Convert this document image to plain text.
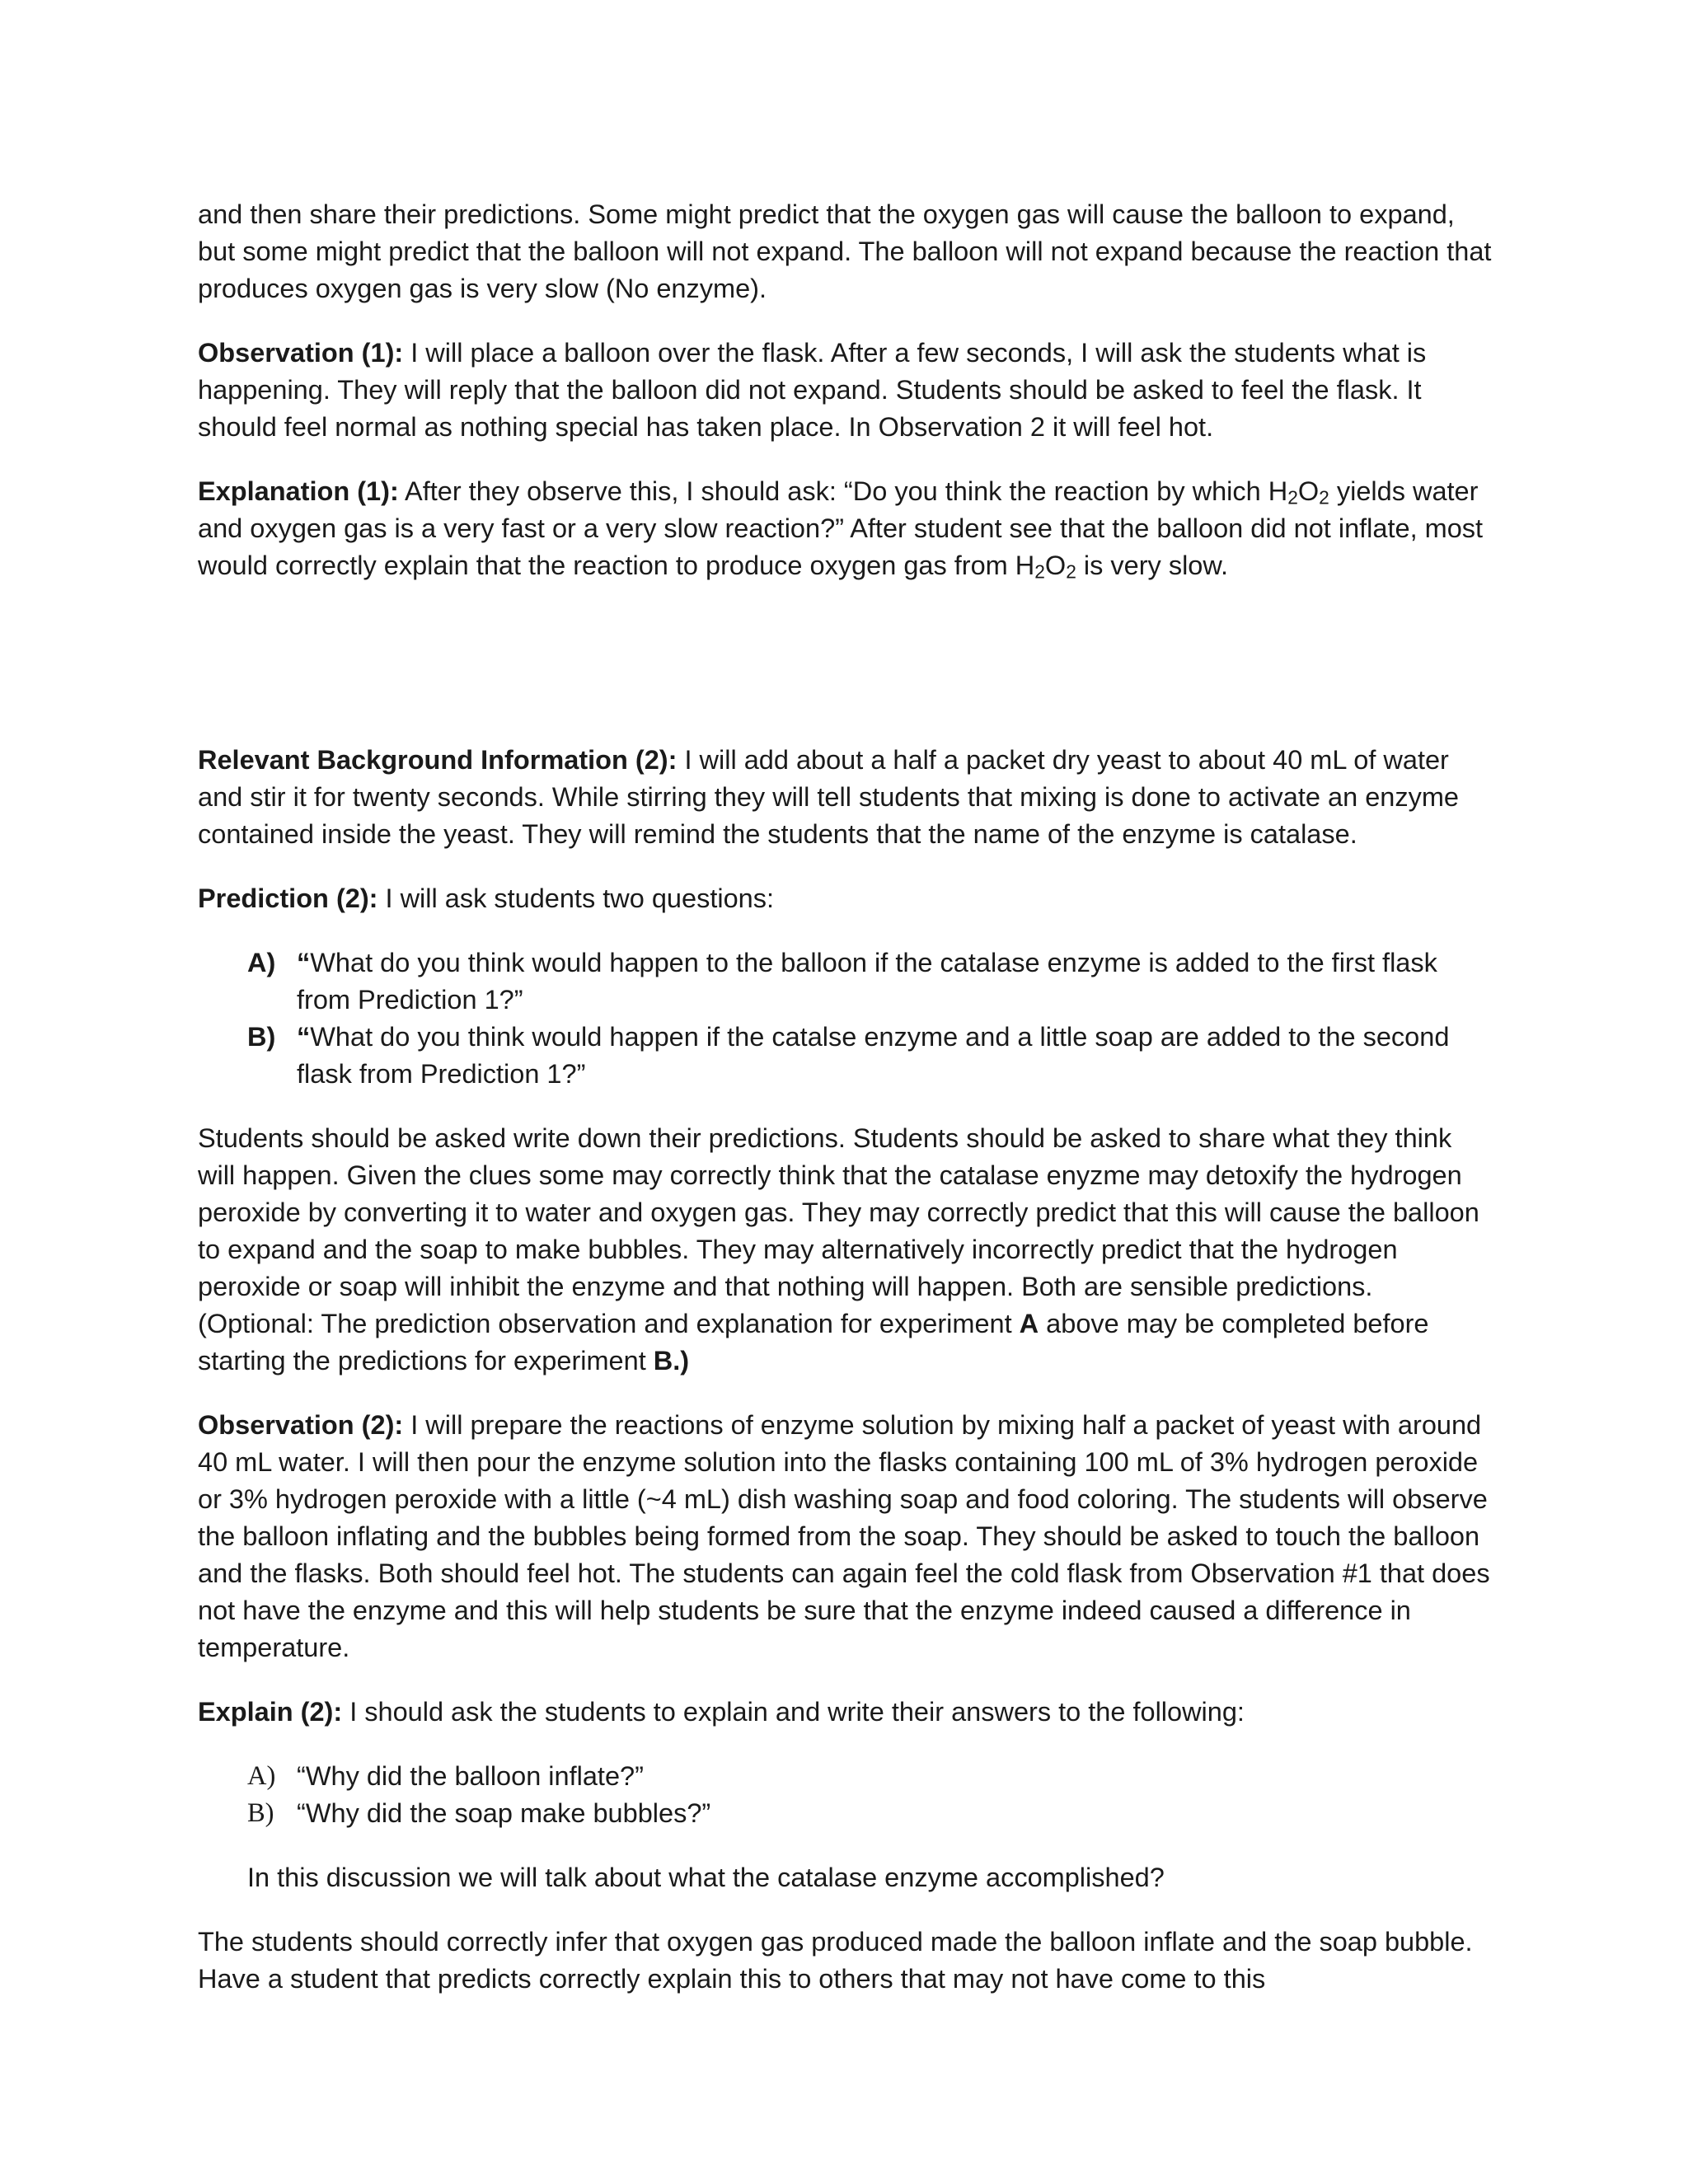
and then share their predictions. Some might predict that the oxygen gas will cause the balloon to expand, but some might predict that the balloon will not expand. The balloon will not expand because the reaction that produces oxygen gas is very slow (No enzyme).

Observation (1): I will place a balloon over the flask. After a few seconds, I will ask the students what is happening. They will reply that the balloon did not expand. Students should be asked to feel the flask. It should feel normal as nothing special has taken place. In Observation 2 it will feel hot.

Explanation (1): After they observe this, I should ask: “Do you think the reaction by which $H_2O_2$ yields water and oxygen gas is a very fast or a very slow reaction?” After student see that the balloon did not inflate, most would correctly explain that the reaction to produce oxygen gas from $H_2O_2$ is very slow.

Relevant Background Information (2): I will add about a half a packet dry yeast to about 40 mL of water and stir it for twenty seconds. While stirring they will tell students that mixing is done to activate an enzyme contained inside the yeast. They will remind the students that the name of the enzyme is catalase.

Prediction (2): I will ask students two questions:

A) “What do you think would happen to the balloon if the catalase enzyme is added to the first flask from Prediction 1?”
B) “What do you think would happen if the catalse enzyme and a little soap are added to the second flask from Prediction 1?”

Students should be asked write down their predictions. Students should be asked to share what they think will happen. Given the clues some may correctly think that the catalase enyzme may detoxify the hydrogen peroxide by converting it to water and oxygen gas. They may correctly predict that this will cause the balloon to expand and the soap to make bubbles. They may alternatively incorrectly predict that the hydrogen peroxide or soap will inhibit the enzyme and that nothing will happen. Both are sensible predictions. (Optional: The prediction observation and explanation for experiment A above may be completed before starting the predictions for experiment B.)

Observation (2): I will prepare the reactions of enzyme solution by mixing half a packet of yeast with around 40 mL water. I will then pour the enzyme solution into the flasks containing 100 mL of 3% hydrogen peroxide or 3% hydrogen peroxide with a little (~4 mL) dish washing soap and food coloring. The students will observe the balloon inflating and the bubbles being formed from the soap. They should be asked to touch the balloon and the flasks. Both should feel hot. The students can again feel the cold flask from Observation #1 that does not have the enzyme and this will help students be sure that the enzyme indeed caused a difference in temperature.

Explain (2): I should ask the students to explain and write their answers to the following:

A) “Why did the balloon inflate?”
B) “Why did the soap make bubbles?”

In this discussion we will talk about what the catalase enzyme accomplished?

The students should correctly infer that oxygen gas produced made the balloon inflate and the soap bubble. Have a student that predicts correctly explain this to others that may not have come to this
